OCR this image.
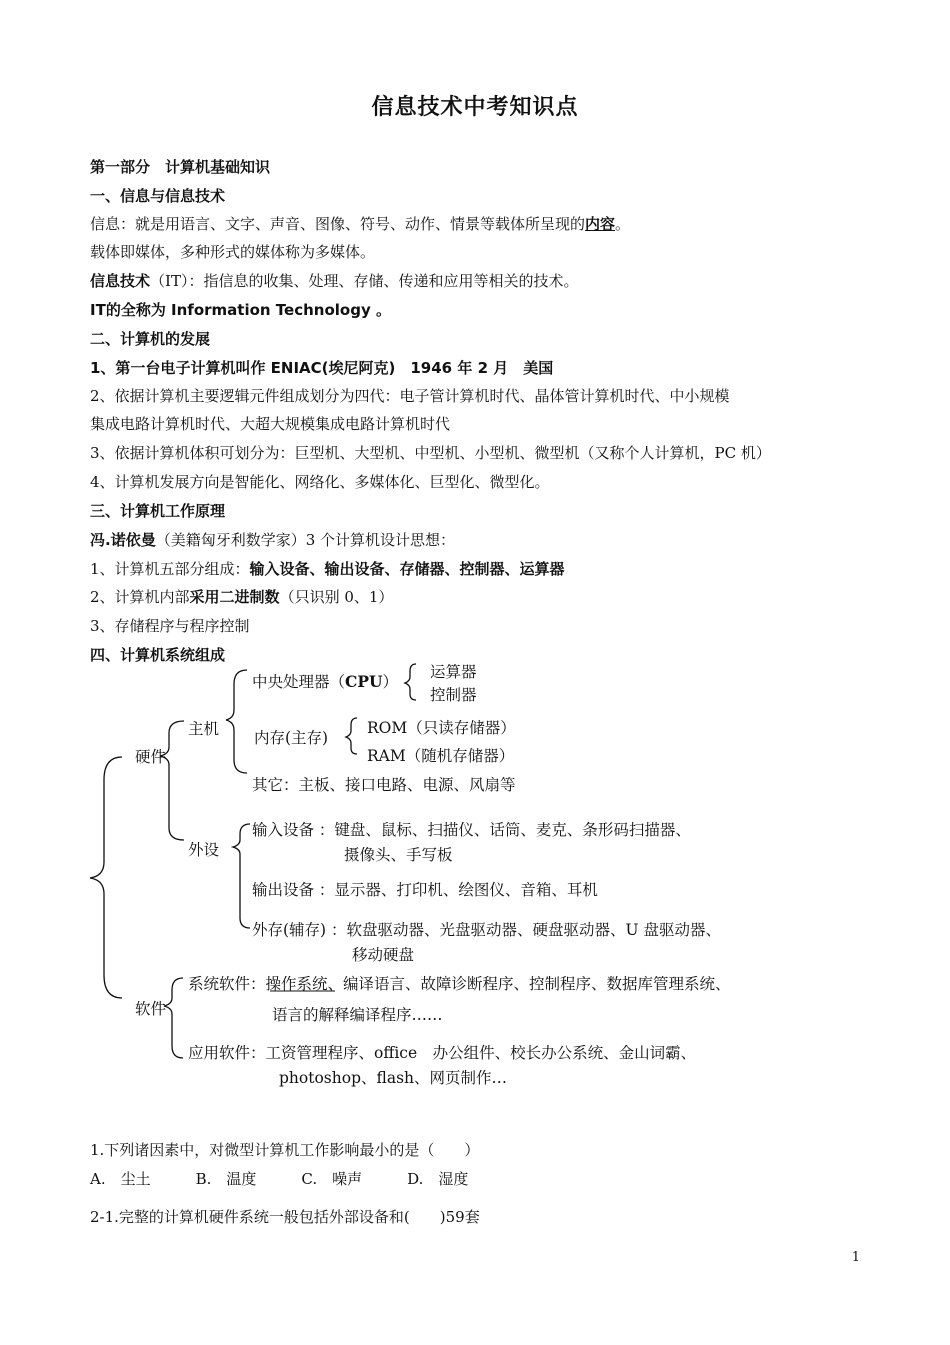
信息技术中考知识点
第一部分　计算机基础知识
一、信息与信息技术
信息：就是用语言、文字、声音、图像、符号、动作、情景等载体所呈现的内容。
载体即媒体，多种形式的媒体称为多媒体。
信息技术（IT）：指信息的收集、处理、存储、传递和应用等相关的技术。
IT的全称为 Information Technology 。
二、计算机的发展
1、第一台电子计算机叫作 ENIAC(埃尼阿克)　1946 年 2 月　美国
2、依据计算机主要逻辑元件组成划分为四代：电子管计算机时代、晶体管计算机时代、中小规模
集成电路计算机时代、大超大规模集成电路计算机时代
3、依据计算机体积可划分为：巨型机、大型机、中型机、小型机、微型机（又称个人计算机，PC 机）
4、计算机发展方向是智能化、网络化、多媒体化、巨型化、微型化。
三、计算机工作原理
冯.诺依曼（美籍匈牙利数学家）3 个计算机设计思想：
1、计算机五部分组成：输入设备、输出设备、存储器、控制器、运算器
2、计算机内部采用二进制数（只识别 0、1）
3、存储程序与程序控制
四、计算机系统组成
硬件
主机
中央处理器（CPU）
运算器
控制器
内存(主存)
ROM（只读存储器）
RAM（随机存储器）
其它：主板、接口电路、电源、风扇等
外设
输入设备 ：键盘、鼠标、扫描仪、话筒、麦克、条形码扫描器、
摄像头、手写板
输出设备 ：显示器、打印机、绘图仪、音箱、耳机
外存(辅存) ：软盘驱动器、光盘驱动器、硬盘驱动器、U 盘驱动器、
移动硬盘
软件
系统软件：操作系统、编译语言、故障诊断程序、控制程序、数据库管理系统、
语言的解释编译程序……
应用软件：工资管理程序、office　办公组件、校长办公系统、金山词霸、
photoshop、flash、网页制作…
1.下列诸因素中，对微型计算机工作影响最小的是（　　）
A.　尘土　　　B.　温度　　　C.　噪声　　　D.　湿度
2-1.完整的计算机硬件系统一般包括外部设备和(　　)59套
1
